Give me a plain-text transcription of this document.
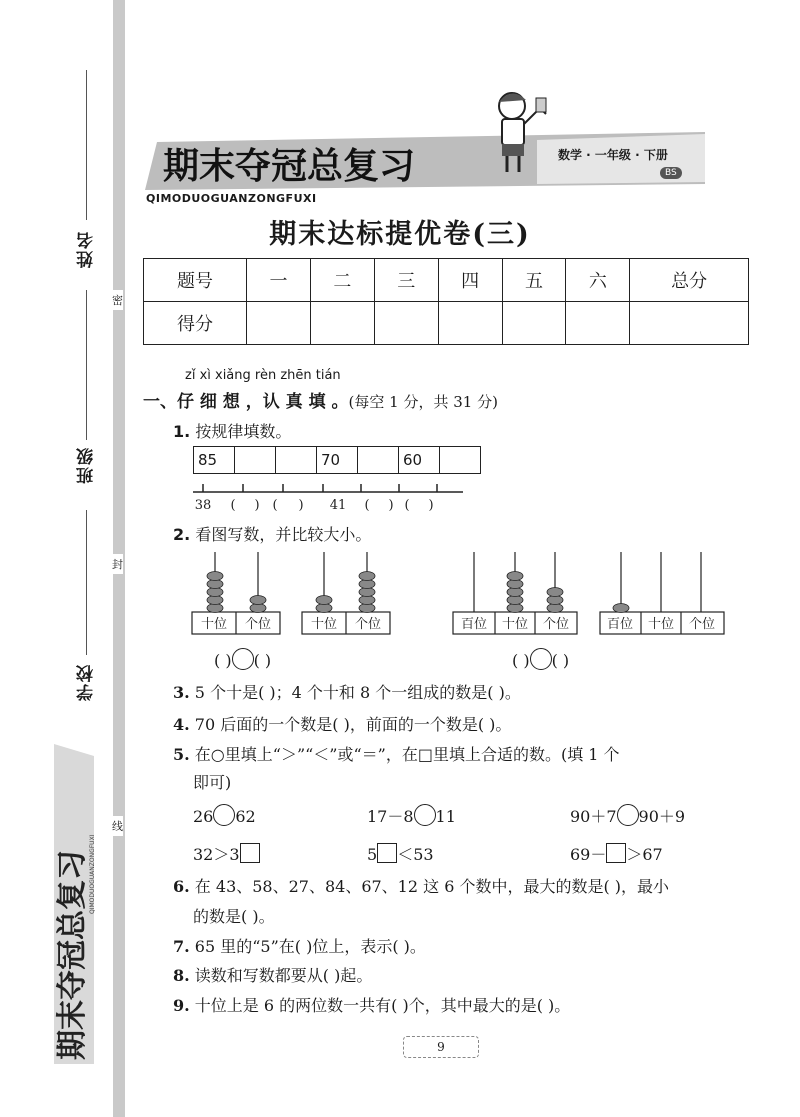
姓名
班级
学校
密
封
线
期末夺冠总复习 QIMODUOGUANZONGFUXI
期末夺冠总复习	数学 · 一年级 · 下册
BS
QIMODUOGUANZONGFUXI
期末达标提优卷(三)
题号	一	二	三	四	五	六	总分
得分							
zǐ xì xiǎng rèn zhēn tián
一、仔 细 想 ，认 真 填 。(每空 1 分，共 31 分)
1. 按规律填数。
85			70		60	
38 ( ) ( ) 41 ( ) ( )
2. 看图写数，并比较大小。
十位 个位	十位 个位	百位 十位 个位	百位 十位 个位
( ) ( )	( ) ( )
3. 5 个十是( )；4 个十和 8 个一组成的数是( )。
4. 70 后面的一个数是( )，前面的一个数是( )。
5. 在○里填上“＞”“＜”或“＝”，在□里填上合适的数。(填 1 个
即可)
26 62	17－8 11	90＋7 90＋9
32＞3	5 ＜53	69－ ＞67
6. 在 43、58、27、84、67、12 这 6 个数中，最大的数是( )，最小
的数是( )。
7. 65 里的“5”在( )位上，表示( )。
8. 读数和写数都要从( )起。
9. 十位上是 6 的两位数一共有( )个，其中最大的是( )。
9
